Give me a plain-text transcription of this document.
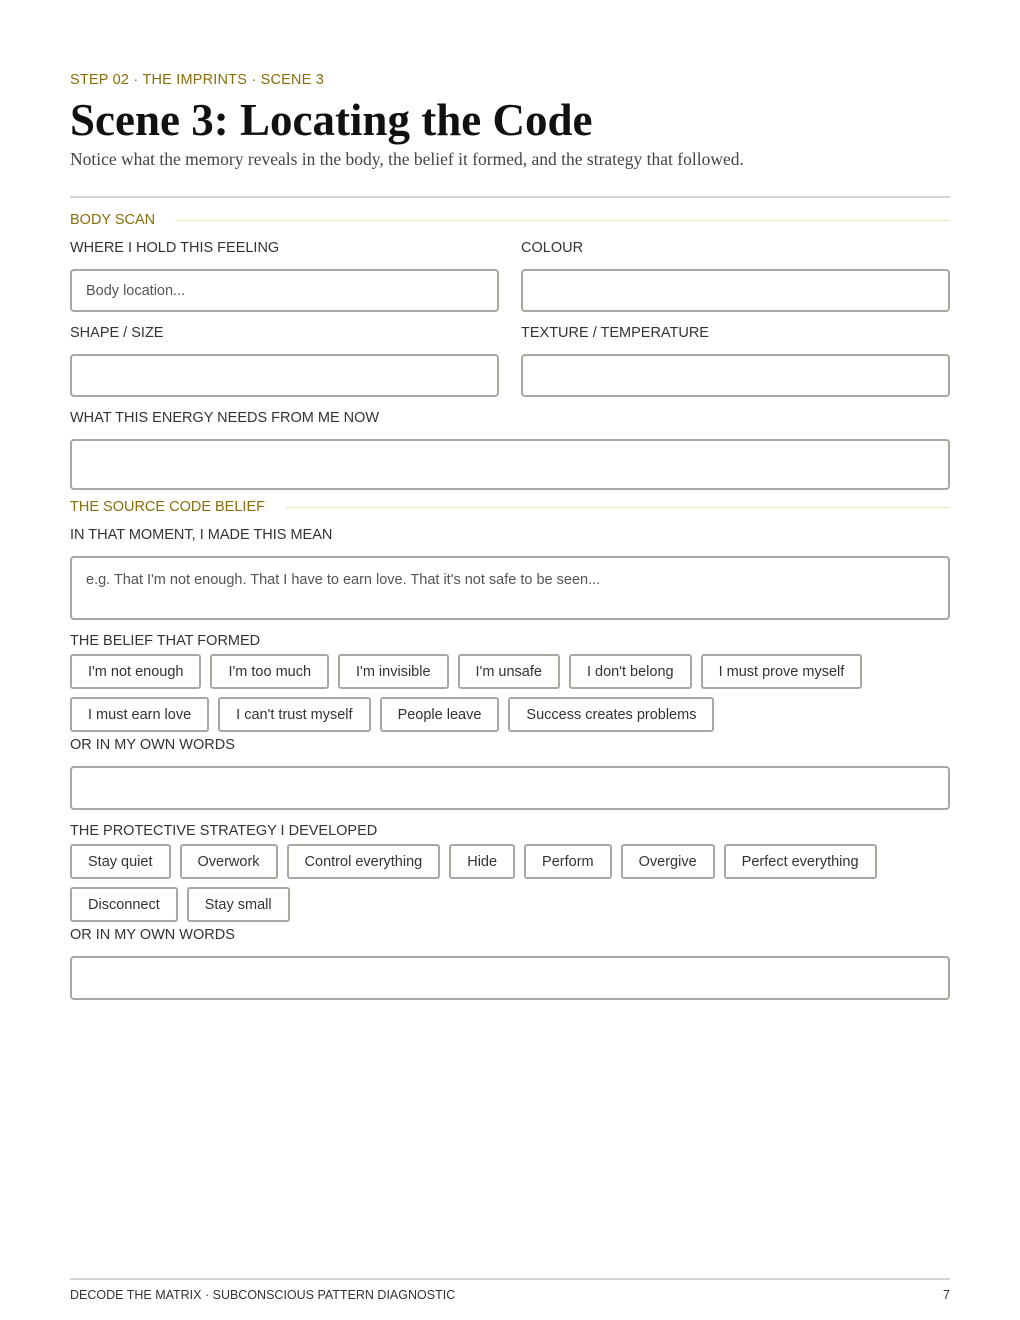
STEP 02 · THE IMPRINTS · SCENE 3
Scene 3: Locating the Code
Notice what the memory reveals in the body, the belief it formed, and the strategy that followed.
BODY SCAN
WHERE I HOLD THIS FEELING	COLOUR
Body location...
SHAPE / SIZE	TEXTURE / TEMPERATURE
WHAT THIS ENERGY NEEDS FROM ME NOW
THE SOURCE CODE BELIEF
IN THAT MOMENT, I MADE THIS MEAN
e.g. That I'm not enough. That I have to earn love. That it's not safe to be seen...
THE BELIEF THAT FORMED
I'm not enough	I'm too much	I'm invisible	I'm unsafe	I don't belong	I must prove myself
I must earn love	I can't trust myself	People leave	Success creates problems
OR IN MY OWN WORDS
THE PROTECTIVE STRATEGY I DEVELOPED
Stay quiet	Overwork	Control everything	Hide	Perform	Overgive	Perfect everything
Disconnect	Stay small
OR IN MY OWN WORDS
DECODE THE MATRIX · SUBCONSCIOUS PATTERN DIAGNOSTIC	7
